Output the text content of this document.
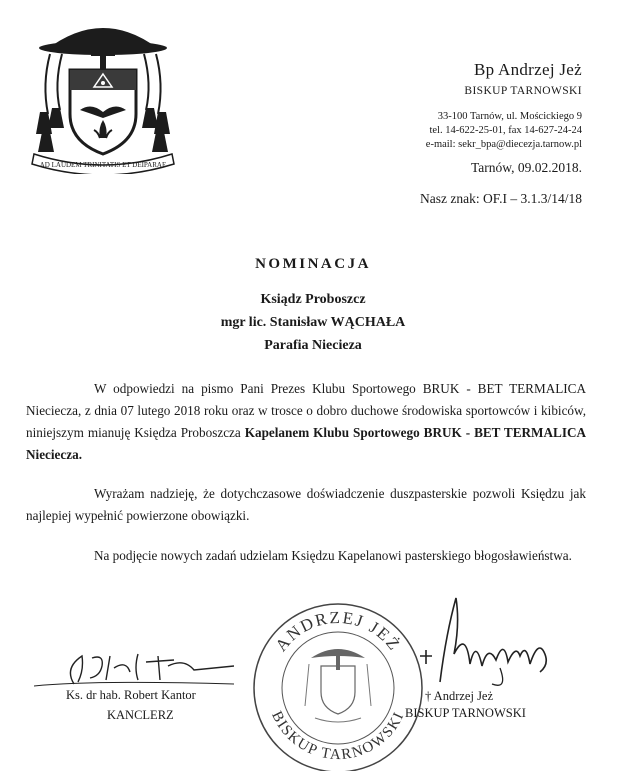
AD LAUDEM TRINITATIS ET DEIPARAE
Bp Andrzej Jeż
BISKUP TARNOWSKI
33-100 Tarnów, ul. Mościckiego 9
tel. 14-622-25-01, fax 14-627-24-24
e-mail: sekr_bpa@diecezja.tarnow.pl
Tarnów, 09.02.2018.
Nasz znak: OF.I – 3.1.3/14/18
NOMINACJA
Ksiądz Proboszcz
mgr lic. Stanisław WĄCHAŁA
Parafia Niecieza
W odpowiedzi na pismo Pani Prezes Klubu Sportowego BRUK - BET TERMALICA Nieciecza, z dnia 07 lutego 2018 roku oraz w trosce o dobro duchowe środowiska sportowców i kibiców, niniejszym mianuję Księdza Proboszcza Kapelanem Klubu Sportowego BRUK - BET TERMALICA Nieciecza.
Wyrażam nadzieję, że dotychczasowe doświadczenie duszpasterskie pozwoli Księdzu jak najlepiej wypełnić powierzone obowiązki.
Na podjęcie nowych zadań udzielam Księdzu Kapelanowi pasterskiego błogosławieństwa.
Ks. dr hab. Robert Kantor
KANCLERZ
ANDRZEJ JEŻ
BISKUP TARNOWSKI
† Andrzej Jeż
BISKUP TARNOWSKI
